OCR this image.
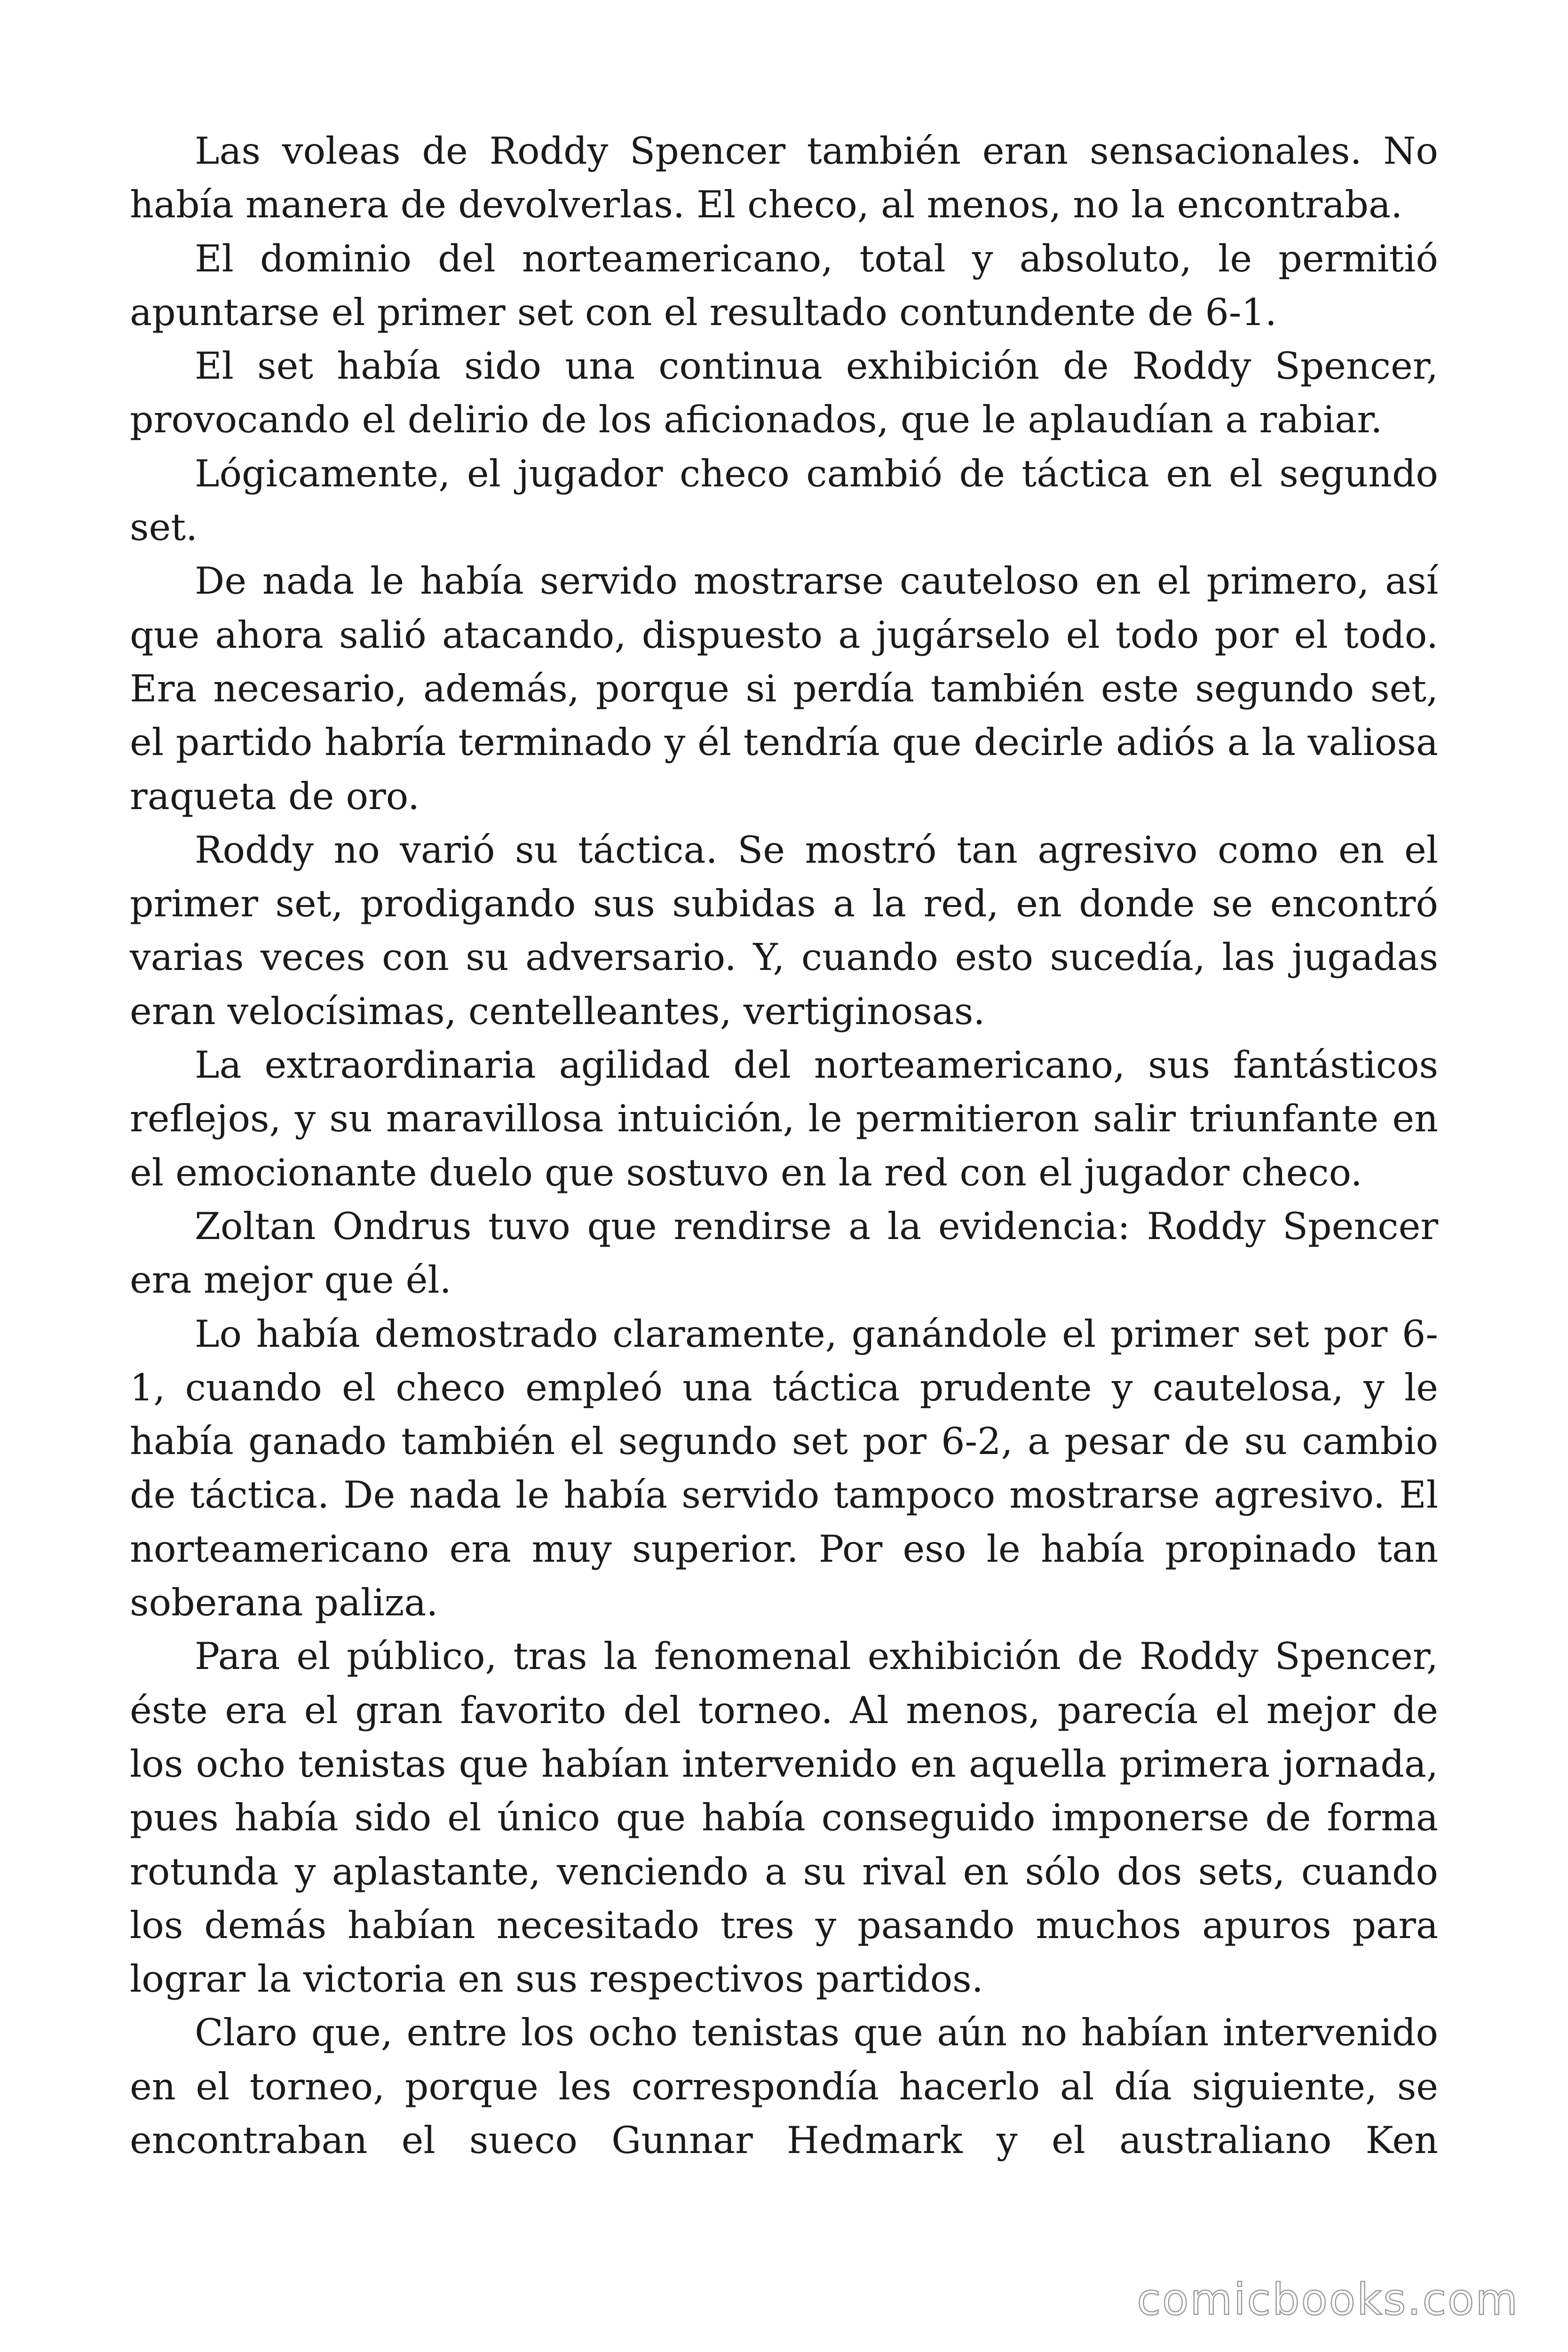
Las voleas de Roddy Spencer también eran sensacionales. No había manera de devolverlas. El checo, al menos, no la encontraba.

El dominio del norteamericano, total y absoluto, le permitió apuntarse el primer set con el resultado contundente de 6-1.

El set había sido una continua exhibición de Roddy Spencer, provocando el delirio de los aficionados, que le aplaudían a rabiar.

Lógicamente, el jugador checo cambió de táctica en el segundo set.

De nada le había servido mostrarse cauteloso en el primero, así que ahora salió atacando, dispuesto a jugárselo el todo por el todo. Era necesario, además, porque si perdía también este segundo set, el partido habría terminado y él tendría que decirle adiós a la valiosa raqueta de oro.

Roddy no varió su táctica. Se mostró tan agresivo como en el primer set, prodigando sus subidas a la red, en donde se encontró varias veces con su adversario. Y, cuando esto sucedía, las jugadas eran velocísimas, centelleantes, vertiginosas.

La extraordinaria agilidad del norteamericano, sus fantásticos reflejos, y su maravillosa intuición, le permitieron salir triunfante en el emocionante duelo que sostuvo en la red con el jugador checo.

Zoltan Ondrus tuvo que rendirse a la evidencia: Roddy Spencer era mejor que él.

Lo había demostrado claramente, ganándole el primer set por 6-1, cuando el checo empleó una táctica prudente y cautelosa, y le había ganado también el segundo set por 6-2, a pesar de su cambio de táctica. De nada le había servido tampoco mostrarse agresivo. El norteamericano era muy superior. Por eso le había propinado tan soberana paliza.

Para el público, tras la fenomenal exhibición de Roddy Spencer, éste era el gran favorito del torneo. Al menos, parecía el mejor de los ocho tenistas que habían intervenido en aquella primera jornada, pues había sido el único que había conseguido imponerse de forma rotunda y aplastante, venciendo a su rival en sólo dos sets, cuando los demás habían necesitado tres y pasando muchos apuros para lograr la victoria en sus respectivos partidos.

Claro que, entre los ocho tenistas que aún no habían intervenido en el torneo, porque les correspondía hacerlo al día siguiente, se encontraban el sueco Gunnar Hedmark y el australiano Ken

comicbooks.com
